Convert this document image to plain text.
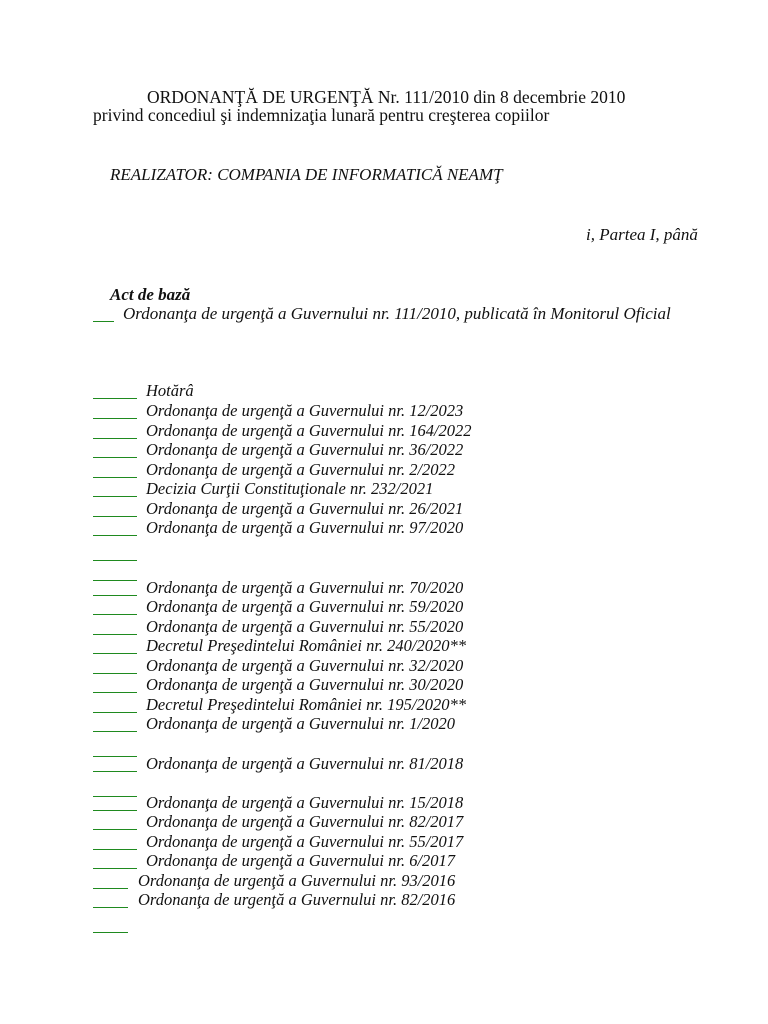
ORDONANŢĂ DE URGENŢĂ Nr. 111/2010 din 8 decembrie 2010
privind concediul şi indemnizaţia lunară pentru creşterea copiilor
REALIZATOR: COMPANIA DE INFORMATICĂ NEAMŢ
i, Partea I, până
Act de bază
Ordonanţa de urgenţă a Guvernului nr. 111/2010, publicată în Monitorul Oficial
Hotărâ
Ordonanţa de urgenţă a Guvernului nr. 12/2023
Ordonanţa de urgenţă a Guvernului nr. 164/2022
Ordonanţa de urgenţă a Guvernului nr. 36/2022
Ordonanţa de urgenţă a Guvernului nr. 2/2022
Decizia Curţii Constituţionale nr. 232/2021
Ordonanţa de urgenţă a Guvernului nr. 26/2021
Ordonanţa de urgenţă a Guvernului nr. 97/2020
Ordonanţa de urgenţă a Guvernului nr. 70/2020
Ordonanţa de urgenţă a Guvernului nr. 59/2020
Ordonanţa de urgenţă a Guvernului nr. 55/2020
Decretul Preşedintelui României nr. 240/2020**
Ordonanţa de urgenţă a Guvernului nr. 32/2020
Ordonanţa de urgenţă a Guvernului nr. 30/2020
Decretul Preşedintelui României nr. 195/2020**
Ordonanţa de urgenţă a Guvernului nr. 1/2020
Ordonanţa de urgenţă a Guvernului nr. 81/2018
Ordonanţa de urgenţă a Guvernului nr. 15/2018
Ordonanţa de urgenţă a Guvernului nr. 82/2017
Ordonanţa de urgenţă a Guvernului nr. 55/2017
Ordonanţa de urgenţă a Guvernului nr. 6/2017
Ordonanţa de urgenţă a Guvernului nr. 93/2016
Ordonanţa de urgenţă a Guvernului nr. 82/2016
